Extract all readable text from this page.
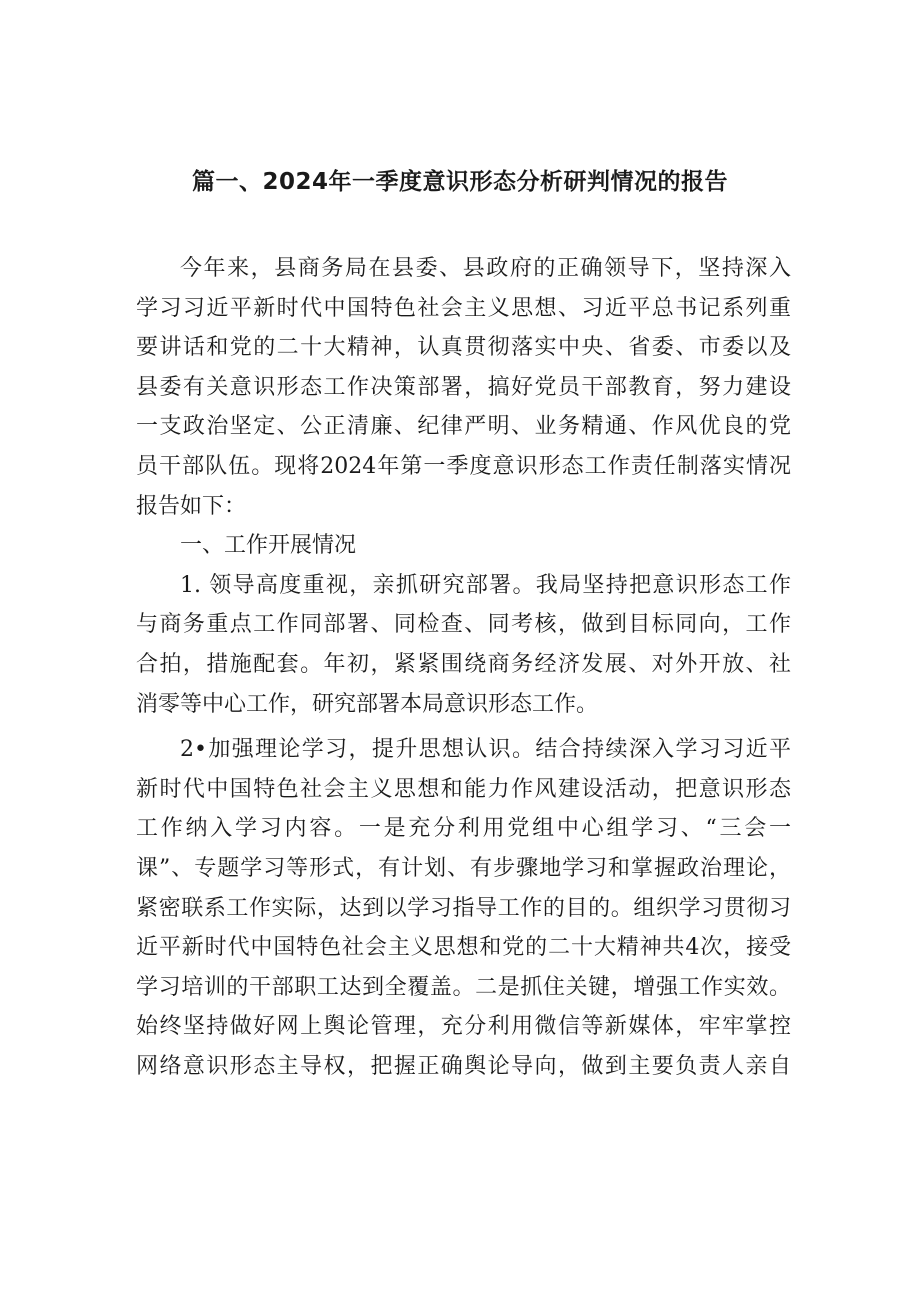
篇一、2024年一季度意识形态分析研判情况的报告
今年来，县商务局在县委、县政府的正确领导下，坚持深入
学习习近平新时代中国特色社会主义思想、习近平总书记系列重
要讲话和党的二十大精神，认真贯彻落实中央、省委、市委以及
县委有关意识形态工作决策部署，搞好党员干部教育，努力建设
一支政治坚定、公正清廉、纪律严明、业务精通、作风优良的党
员干部队伍。现将2024年第一季度意识形态工作责任制落实情况
报告如下：
一、工作开展情况
1. 领导高度重视，亲抓研究部署。我局坚持把意识形态工作
与商务重点工作同部署、同检查、同考核，做到目标同向，工作
合拍，措施配套。年初，紧紧围绕商务经济发展、对外开放、社
消零等中心工作，研究部署本局意识形态工作。
2•加强理论学习，提升思想认识。结合持续深入学习习近平
新时代中国特色社会主义思想和能力作风建设活动，把意识形态
工作纳入学习内容。一是充分利用党组中心组学习、“三会一
课”、专题学习等形式，有计划、有步骤地学习和掌握政治理论，
紧密联系工作实际，达到以学习指导工作的目的。组织学习贯彻习
近平新时代中国特色社会主义思想和党的二十大精神共4次，接受
学习培训的干部职工达到全覆盖。二是抓住关键，增强工作实效。
始终坚持做好网上舆论管理，充分利用微信等新媒体，牢牢掌控
网络意识形态主导权，把握正确舆论导向，做到主要负责人亲自
